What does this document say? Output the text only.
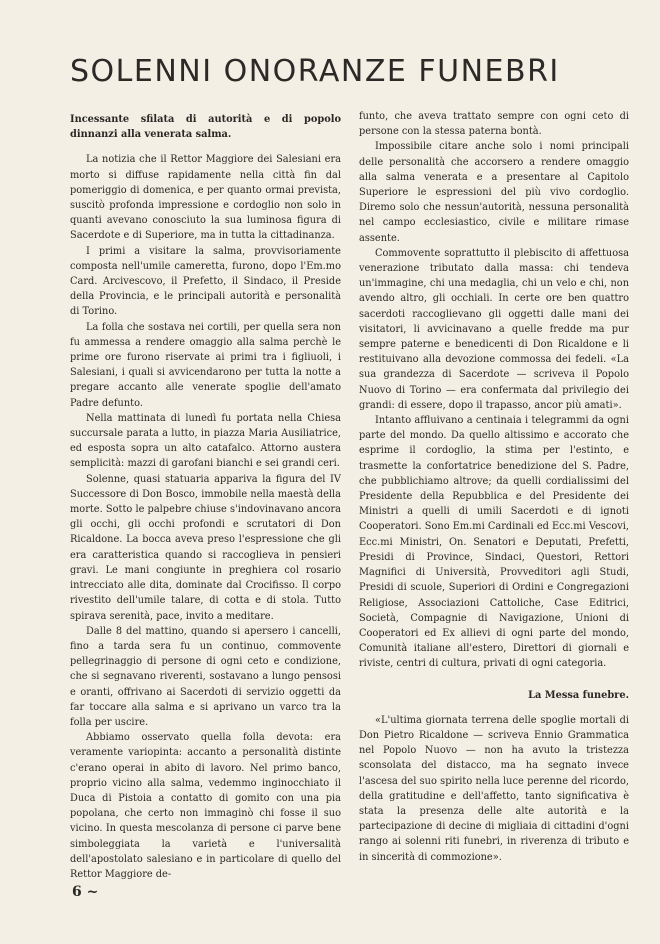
SOLENNI ONORANZE FUNEBRI

Incessante sfilata di autorità e di popolo dinnanzi alla venerata salma.

La notizia che il Rettor Maggiore dei Salesiani era morto si diffuse rapidamente nella città fin dal pomeriggio di domenica, e per quanto ormai prevista, suscitò profonda impressione e cordoglio non solo in quanti avevano conosciuto la sua luminosa figura di Sacerdote e di Superiore, ma in tutta la cittadinanza.

I primi a visitare la salma, provvisoriamente composta nell'umile cameretta, furono, dopo l'Em.mo Card. Arcivescovo, il Prefetto, il Sindaco, il Preside della Provincia, e le principali autorità e personalità di Torino.

La folla che sostava nei cortili, per quella sera non fu ammessa a rendere omaggio alla salma perchè le prime ore furono riservate ai primi tra i figliuoli, i Salesiani, i quali si avvicendarono per tutta la notte a pregare accanto alle venerate spoglie dell'amato Padre defunto.

Nella mattinata di lunedì fu portata nella Chiesa succursale parata a lutto, in piazza Maria Ausiliatrice, ed esposta sopra un alto catafalco. Attorno austera semplicità: mazzi di garofani bianchi e sei grandi ceri.

Solenne, quasi statuaria appariva la figura del IV Successore di Don Bosco, immobile nella maestà della morte. Sotto le palpebre chiuse s'indovinavano ancora gli occhi, gli occhi profondi e scrutatori di Don Ricaldone. La bocca aveva preso l'espressione che gli era caratteristica quando si raccoglieva in pensieri gravi. Le mani congiunte in preghiera col rosario intrecciato alle dita, dominate dal Crocifisso. Il corpo rivestito dell'umile talare, di cotta e di stola. Tutto spirava serenità, pace, invito a meditare.

Dalle 8 del mattino, quando si apersero i cancelli, fino a tarda sera fu un continuo, commovente pellegrinaggio di persone di ogni ceto e condizione, che si segnavano riverenti, sostavano a lungo pensosi e oranti, offrivano ai Sacerdoti di servizio oggetti da far toccare alla salma e si aprivano un varco tra la folla per uscire.

Abbiamo osservato quella folla devota: era veramente variopinta: accanto a personalità distinte c'erano operai in abito di lavoro. Nel primo banco, proprio vicino alla salma, vedemmo inginocchiato il Duca di Pistoia a contatto di gomito con una pia popolana, che certo non immaginò chi fosse il suo vicino. In questa mescolanza di persone ci parve bene simboleggiata la varietà e l'universalità dell'apostolato salesiano e in particolare di quello del Rettor Maggiore de-

funto, che aveva trattato sempre con ogni ceto di persone con la stessa paterna bontà.

Impossibile citare anche solo i nomi principali delle personalità che accorsero a rendere omaggio alla salma venerata e a presentare al Capitolo Superiore le espressioni del più vivo cordoglio. Diremo solo che nessun'autorità, nessuna personalità nel campo ecclesiastico, civile e militare rimase assente.

Commovente soprattutto il plebiscito di affettuosa venerazione tributato dalla massa: chi tendeva un'immagine, chi una medaglia, chi un velo e chi, non avendo altro, gli occhiali. In certe ore ben quattro sacerdoti raccoglievano gli oggetti dalle mani dei visitatori, li avvicinavano a quelle fredde ma pur sempre paterne e benedicenti di Don Ricaldone e li restituivano alla devozione commossa dei fedeli. «La sua grandezza di Sacerdote — scriveva il Popolo Nuovo di Torino — era confermata dal privilegio dei grandi: di essere, dopo il trapasso, ancor più amati».

Intanto affluivano a centinaia i telegrammi da ogni parte del mondo. Da quello altissimo e accorato che esprime il cordoglio, la stima per l'estinto, e trasmette la confortatrice benedizione del S. Padre, che pubblichiamo altrove; da quelli cordialissimi del Presidente della Repubblica e del Presidente dei Ministri a quelli di umili Sacerdoti e di ignoti Cooperatori. Sono Em.mi Cardinali ed Ecc.mi Vescovi, Ecc.mi Ministri, On. Senatori e Deputati, Prefetti, Presidi di Province, Sindaci, Questori, Rettori Magnifici di Università, Provveditori agli Studi, Presidi di scuole, Superiori di Ordini e Congregazioni Religiose, Associazioni Cattoliche, Case Editrici, Società, Compagnie di Navigazione, Unioni di Cooperatori ed Ex allievi di ogni parte del mondo, Comunità italiane all'estero, Direttori di giornali e riviste, centri di cultura, privati di ogni categoria.

La Messa funebre.

«L'ultima giornata terrena delle spoglie mortali di Don Pietro Ricaldone — scriveva Ennio Grammatica nel Popolo Nuovo — non ha avuto la tristezza sconsolata del distacco, ma ha segnato invece l'ascesa del suo spirito nella luce perenne del ricordo, della gratitudine e dell'affetto, tanto significativa è stata la presenza delle alte autorità e la partecipazione di decine di migliaia di cittadini d'ogni rango ai solenni riti funebri, in riverenza di tributo e in sincerità di commozione».

6 ~
